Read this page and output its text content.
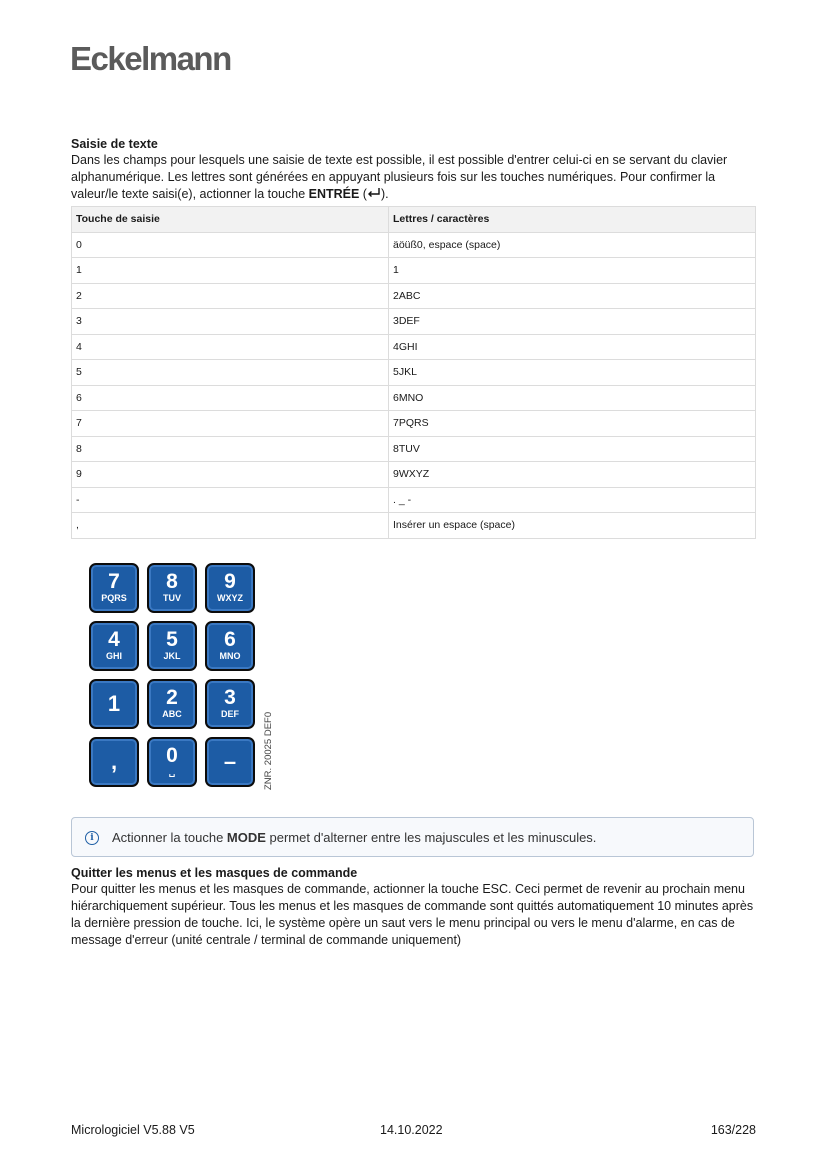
Eckelmann

Saisie de texte

Dans les champs pour lesquels une saisie de texte est possible, il est possible d'entrer celui-ci en se servant du clavier alphanumérique. Les lettres sont générées en appuyant plusieurs fois sur les touches numériques. Pour confirmer la valeur/le texte saisi(e), actionner la touche ENTRÉE ( ).

Touche de saisie	Lettres / caractères
0	äöüß0, espace (space)
1	1
2	2ABC
3	3DEF
4	4GHI
5	5JKL
6	6MNO
7	7PQRS
8	8TUV
9	9WXYZ
-	. _ -
,	Insérer un espace (space)
7
PQRS
8
TUV
9
WXYZ
4
GHI
5
JKL
6
MNO
1	2
ABC
3
DEF
,	0
␣	–	ZNR. 20025 DEF0
i	Actionner la touche MODE permet d'alterner entre les majuscules et les minuscules.

Quitter les menus et les masques de commande

Pour quitter les menus et les masques de commande, actionner la touche ESC. Ceci permet de revenir au prochain menu hiérarchiquement supérieur. Tous les menus et les masques de commande sont quittés automatiquement 10 minutes après la dernière pression de touche. Ici, le système opère un saut vers le menu principal ou vers le menu d'alarme, en cas de message d'erreur (unité centrale / terminal de commande uniquement)

Micrologiciel V5.88 V5	14.10.2022	163/228
